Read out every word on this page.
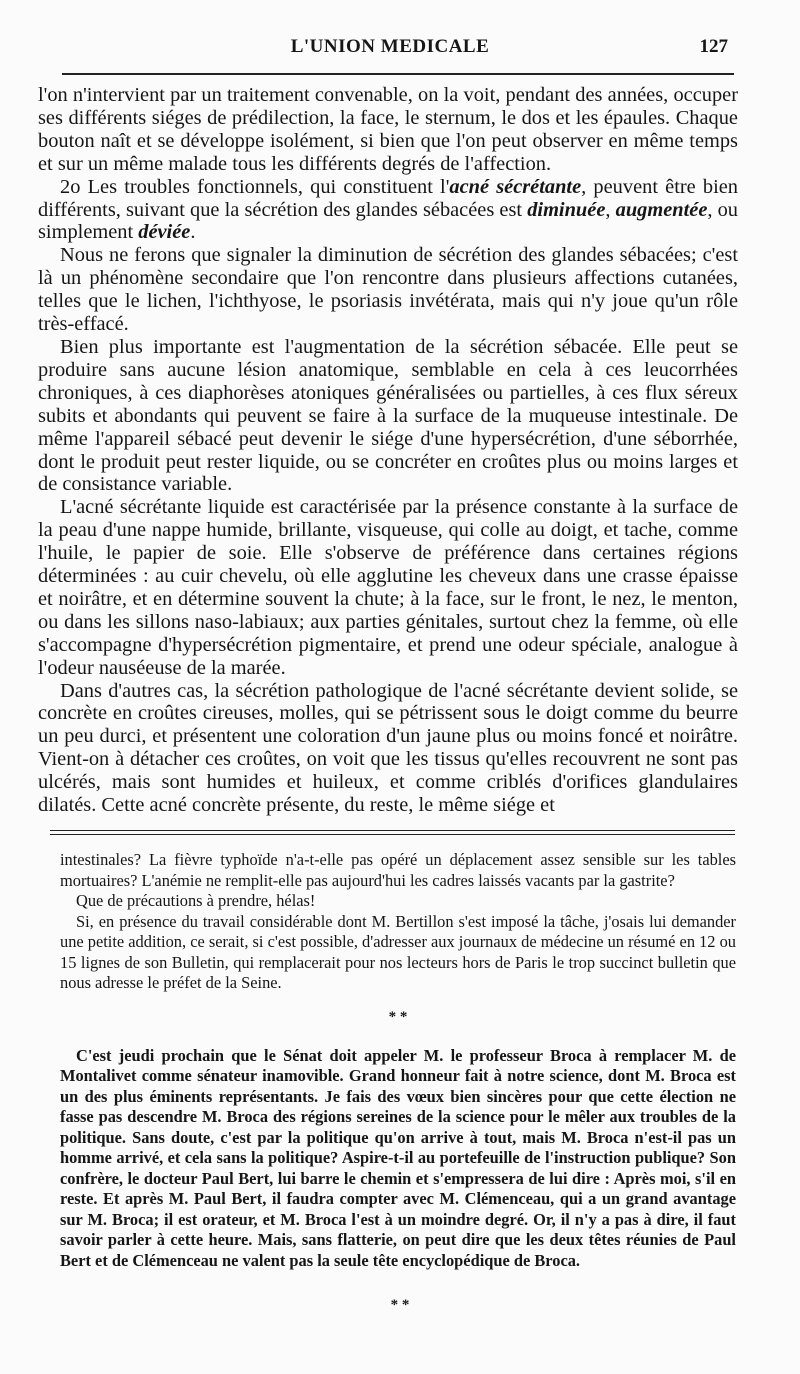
L'UNION MEDICALE	127

l'on n'intervient par un traitement convenable, on la voit, pendant des années, occuper ses différents siéges de prédilection, la face, le sternum, le dos et les épaules. Chaque bouton naît et se développe isolément, si bien que l'on peut observer en même temps et sur un même malade tous les différents degrés de l'affection.

2o Les troubles fonctionnels, qui constituent l'acné sécrétante, peuvent être bien différents, suivant que la sécrétion des glandes sébacées est diminuée, augmentée, ou simplement déviée.

Nous ne ferons que signaler la diminution de sécrétion des glandes sébacées; c'est là un phénomène secondaire que l'on rencontre dans plusieurs affections cutanées, telles que le lichen, l'ichthyose, le psoriasis invétérata, mais qui n'y joue qu'un rôle très-effacé.

Bien plus importante est l'augmentation de la sécrétion sébacée. Elle peut se produire sans aucune lésion anatomique, semblable en cela à ces leucorrhées chroniques, à ces diaphorèses atoniques généralisées ou partielles, à ces flux séreux subits et abondants qui peuvent se faire à la surface de la muqueuse intestinale. De même l'appareil sébacé peut devenir le siége d'une hypersécrétion, d'une séborrhée, dont le produit peut rester liquide, ou se concréter en croûtes plus ou moins larges et de consistance variable.

L'acné sécrétante liquide est caractérisée par la présence constante à la surface de la peau d'une nappe humide, brillante, visqueuse, qui colle au doigt, et tache, comme l'huile, le papier de soie. Elle s'observe de préférence dans certaines régions déterminées : au cuir chevelu, où elle agglutine les cheveux dans une crasse épaisse et noirâtre, et en détermine souvent la chute; à la face, sur le front, le nez, le menton, ou dans les sillons naso-labiaux; aux parties génitales, surtout chez la femme, où elle s'accompagne d'hypersécrétion pigmentaire, et prend une odeur spéciale, analogue à l'odeur nauséeuse de la marée.

Dans d'autres cas, la sécrétion pathologique de l'acné sécrétante devient solide, se concrète en croûtes cireuses, molles, qui se pétrissent sous le doigt comme du beurre un peu durci, et présentent une coloration d'un jaune plus ou moins foncé et noirâtre. Vient-on à détacher ces croûtes, on voit que les tissus qu'elles recouvrent ne sont pas ulcérés, mais sont humides et huileux, et comme criblés d'orifices glandulaires dilatés. Cette acné concrète présente, du reste, le même siége et

intestinales? La fièvre typhoïde n'a-t-elle pas opéré un déplacement assez sensible sur les tables mortuaires? L'anémie ne remplit-elle pas aujourd'hui les cadres laissés vacants par la gastrite?

Que de précautions à prendre, hélas!

Si, en présence du travail considérable dont M. Bertillon s'est imposé la tâche, j'osais lui demander une petite addition, ce serait, si c'est possible, d'adresser aux journaux de médecine un résumé en 12 ou 15 lignes de son Bulletin, qui remplacerait pour nos lecteurs hors de Paris le trop succinct bulletin que nous adresse le préfet de la Seine.

* *

C'est jeudi prochain que le Sénat doit appeler M. le professeur Broca à remplacer M. de Montalivet comme sénateur inamovible. Grand honneur fait à notre science, dont M. Broca est un des plus éminents représentants. Je fais des vœux bien sincères pour que cette élection ne fasse pas descendre M. Broca des régions sereines de la science pour le mêler aux troubles de la politique. Sans doute, c'est par la politique qu'on arrive à tout, mais M. Broca n'est-il pas un homme arrivé, et cela sans la politique? Aspire-t-il au portefeuille de l'instruction publique? Son confrère, le docteur Paul Bert, lui barre le chemin et s'empressera de lui dire : Après moi, s'il en reste. Et après M. Paul Bert, il faudra compter avec M. Clémenceau, qui a un grand avantage sur M. Broca; il est orateur, et M. Broca l'est à un moindre degré. Or, il n'y a pas à dire, il faut savoir parler à cette heure. Mais, sans flatterie, on peut dire que les deux têtes réunies de Paul Bert et de Clémenceau ne valent pas la seule tête encyclopédique de Broca.

* *
